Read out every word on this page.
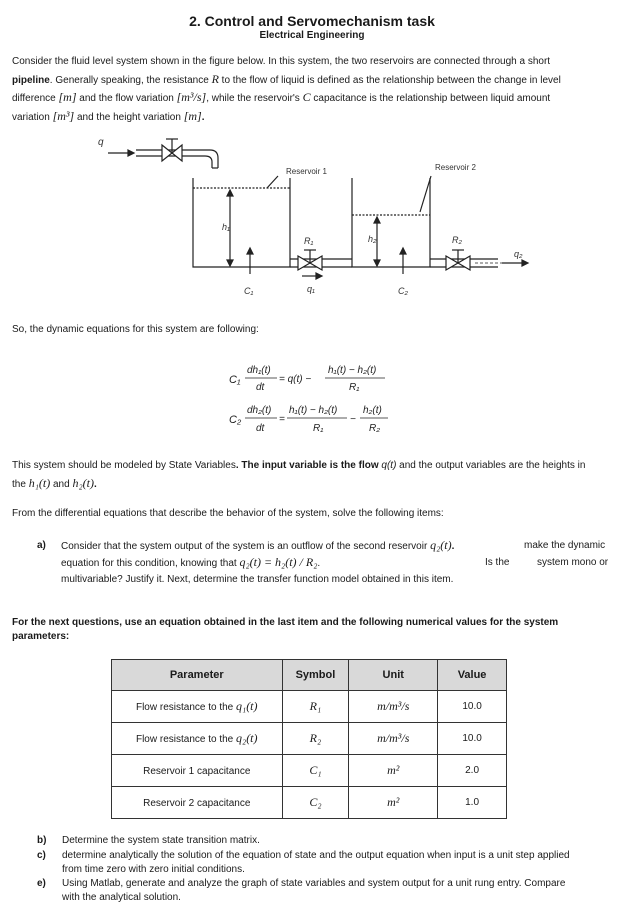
2. Control and Servomechanism task
Electrical Engineering
Consider the fluid level system shown in the figure below. In this system, the two reservoirs are connected through a short
pipeline. Generally speaking, the resistance R to the flow of liquid is defined as the relationship between the change in level
difference [m] and the flow variation [m³/s], while the reservoir's C capacitance is the relationship between liquid amount
variation [m³] and the height variation [m].
q
Reservoir 1	Reservoir 2
h₁
h₂
R₁	R₂
q₁
q₂
C₁	C₂
So, the dynamic equations for this system are following:
C₁
dh₁(t)
dt
= q(t) −
h₁(t) − h₂(t)
R₁
C₂
dh₂(t)
dt
=
h₁(t) − h₂(t)
R₁
−
h₂(t)
R₂
This system should be modeled by State Variables. The input variable is the flow q(t) and the output variables are the heights in
the h₁(t) and h₂(t).
From the differential equations that describe the behavior of the system, solve the following items:
a) Consider that the system output of the system is an outflow of the second reservoir q₂(t).	make the dynamic
equation for this condition, knowing that q₂(t) = h₂(t) / R₂.	Is the	system mono or
multivariable? Justify it. Next, determine the transfer function model obtained in this item.
For the next questions, use an equation obtained in the last item and the following numerical values for the system parameters:
Parameter	Symbol	Unit	Value
Flow resistance to the q₁(t)	R₁	m/m³/s	10.0
Flow resistance to the q₂(t)	R₂	m/m³/s	10.0
Reservoir 1 capacitance	C₁	m²	2.0
Reservoir 2 capacitance	C₂	m²	1.0
b) Determine the system state transition matrix.
c) determine analytically the solution of the equation of state and the output equation when input is a unit step applied
from time zero with zero initial conditions.
e) Using Matlab, generate and analyze the graph of state variables and system output for a unit rung entry. Compare
with the analytical solution.
